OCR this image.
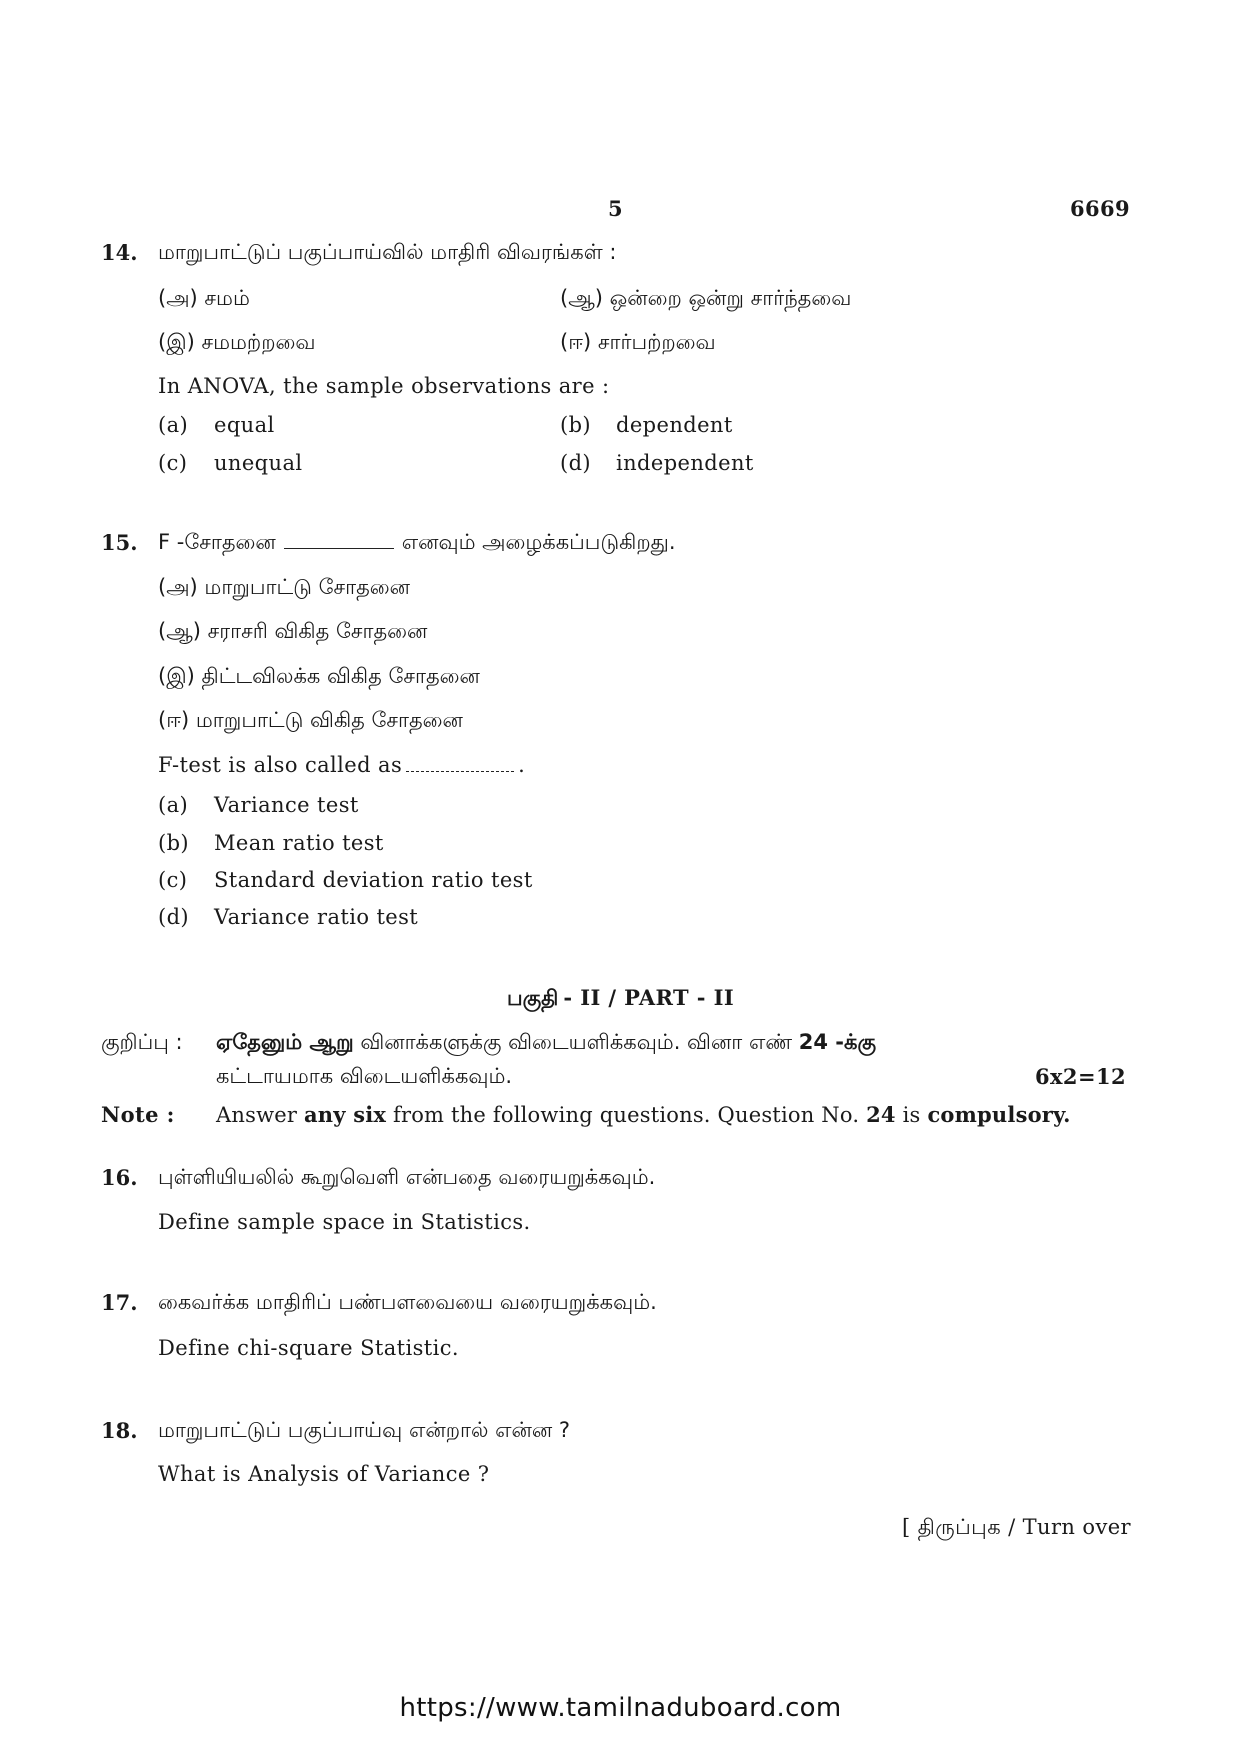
5	6669
14. மாறுபாட்டுப் பகுப்பாய்வில் மாதிரி விவரங்கள் :
(அ) சமம்	(ஆ) ஒன்றை ஒன்று சார்ந்தவை
(இ) சமமற்றவை	(ஈ) சார்பற்றவை
In ANOVA, the sample observations are :
(a) equal	(b) dependent
(c) unequal	(d) independent
15. F -சோதனை	எனவும் அழைக்கப்படுகிறது.
(அ) மாறுபாட்டு சோதனை
(ஆ) சராசரி விகித சோதனை
(இ) திட்டவிலக்க விகித சோதனை
(ஈ) மாறுபாட்டு விகித சோதனை
F-test is also called as	.
(a) Variance test
(b) Mean ratio test
(c) Standard deviation ratio test
(d) Variance ratio test
பகுதி - II / PART - II
குறிப்பு : ஏதேனும் ஆறு வினாக்களுக்கு விடையளிக்கவும். வினா எண் 24 -க்கு
கட்டாயமாக விடையளிக்கவும்.	6x2=12
Note : Answer any six from the following questions. Question No. 24 is compulsory.
16. புள்ளியியலில் கூறுவெளி என்பதை வரையறுக்கவும்.
Define sample space in Statistics.
17. கைவர்க்க மாதிரிப் பண்பளவையை வரையறுக்கவும்.
Define chi-square Statistic.
18. மாறுபாட்டுப் பகுப்பாய்வு என்றால் என்ன ?
What is Analysis of Variance ?
[ திருப்புக / Turn over
https://www.tamilnaduboard.com
